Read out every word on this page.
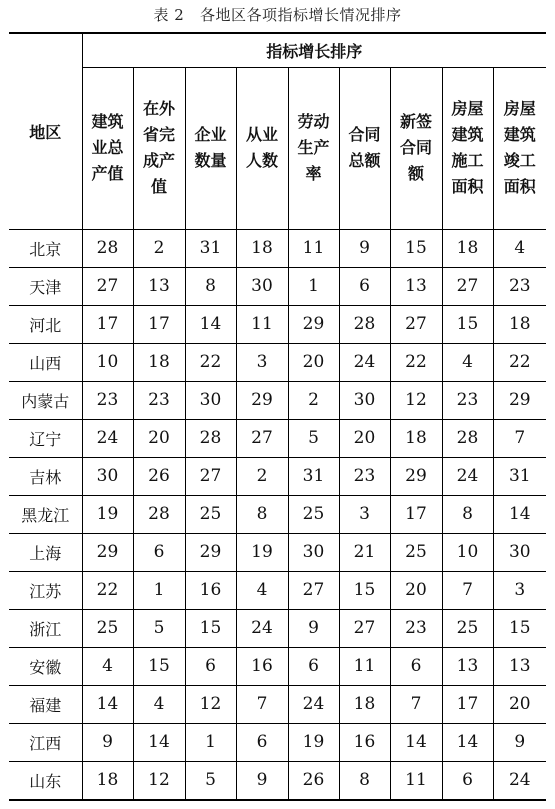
表 2   各地区各项指标增长情况排序
地区	指标增长排序								
	建筑业总产值	在外省完成产值	企业数量	从业人数	劳动生产率	合同总额	新签合同额	房屋建筑施工面积	房屋建筑竣工面积
北京	28	2	31	18	11	9	15	18	4
天津	27	13	8	30	1	6	13	27	23
河北	17	17	14	11	29	28	27	15	18
山西	10	18	22	3	20	24	22	4	22
内蒙古	23	23	30	29	2	30	12	23	29
辽宁	24	20	28	27	5	20	18	28	7
吉林	30	26	27	2	31	23	29	24	31
黑龙江	19	28	25	8	25	3	17	8	14
上海	29	6	29	19	30	21	25	10	30
江苏	22	1	16	4	27	15	20	7	3
浙江	25	5	15	24	9	27	23	25	15
安徽	4	15	6	16	6	11	6	13	13
福建	14	4	12	7	24	18	7	17	20
江西	9	14	1	6	19	16	14	14	9
山东	18	12	5	9	26	8	11	6	24
